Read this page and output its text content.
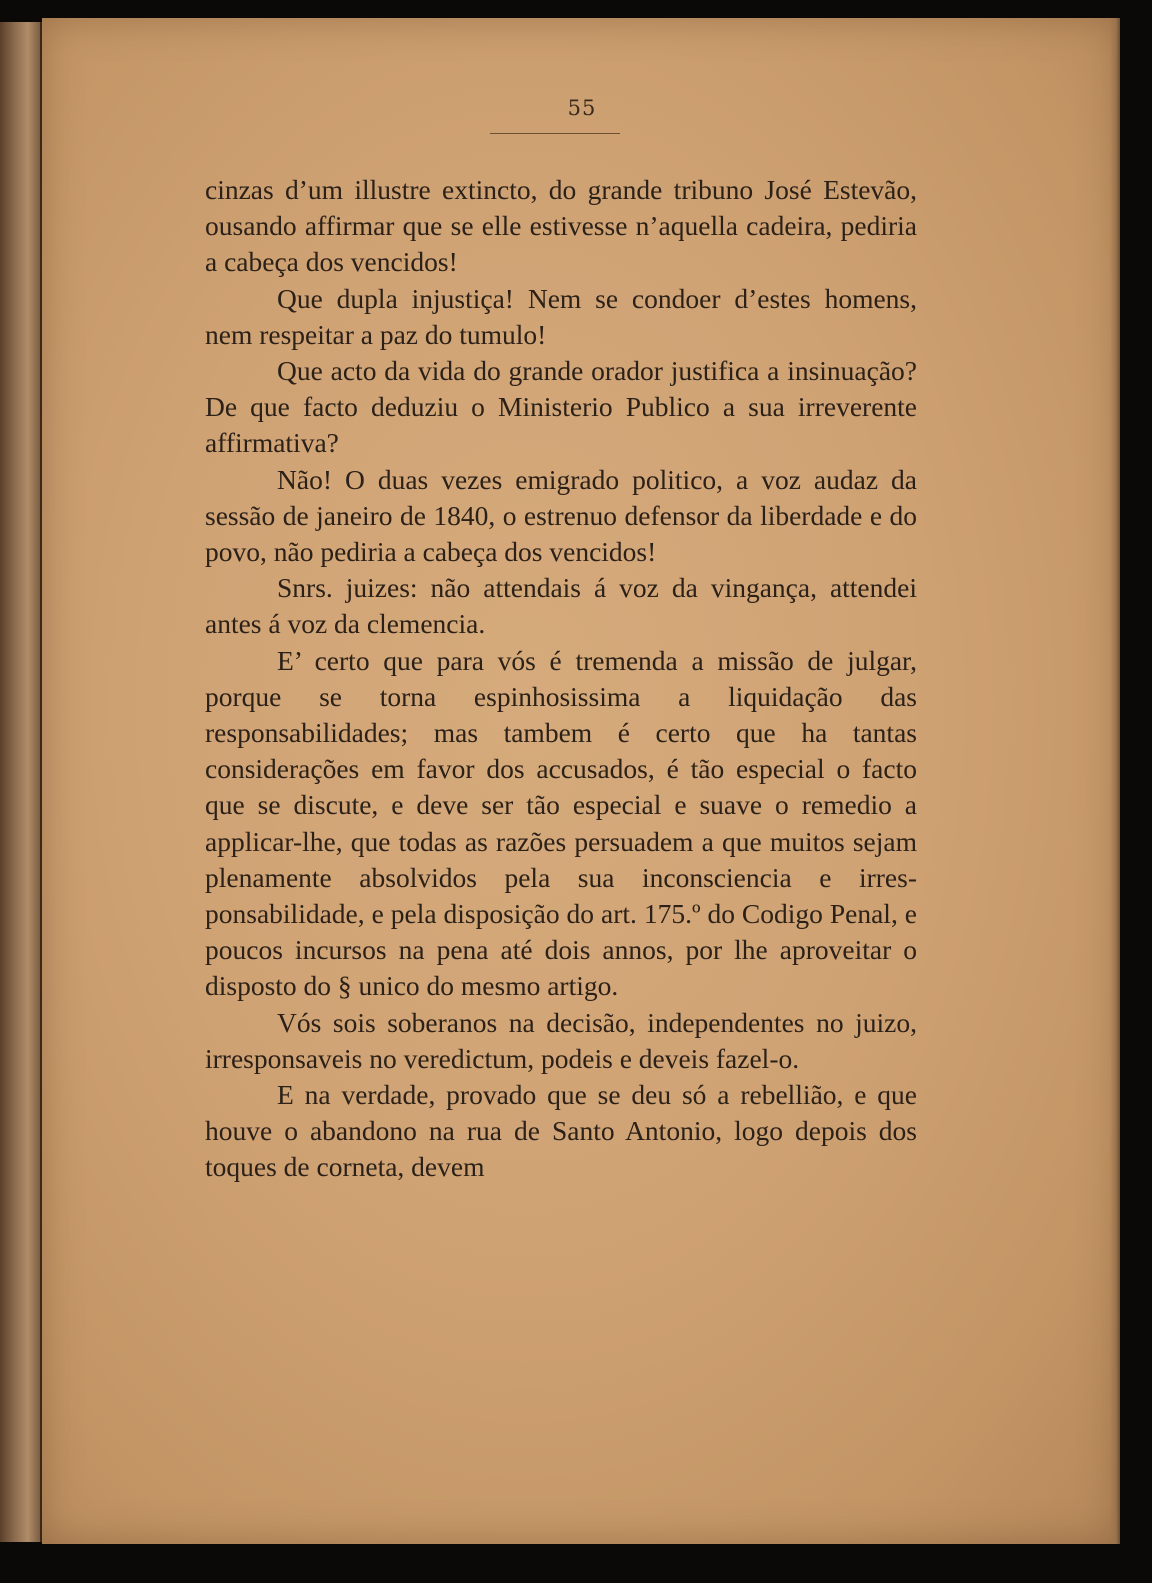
55

cinzas d’um illustre extincto, do grande tribuno José Estevão, ousando affirmar que se elle estivesse n’aquella cadeira, pediria a cabeça dos vencidos!

Que dupla injustiça! Nem se condoer d’estes homens, nem respeitar a paz do tumulo!

Que acto da vida do grande orador justifica a insinuação? De que facto deduziu o Ministerio Publico a sua irreverente affirmativa?

Não! O duas vezes emigrado politico, a voz audaz da sessão de janeiro de 1840, o estrenuo defensor da liberdade e do povo, não pediria a cabeça dos vencidos!

Snrs. juizes: não attendais á voz da vingança, attendei antes á voz da clemencia.

E’ certo que para vós é tremenda a missão de julgar, porque se torna espinhosissima a liquidação das responsabilidades; mas tambem é certo que ha tantas considerações em favor dos accusados, é tão especial o facto que se discute, e deve ser tão especial e suave o remedio a applicar-lhe, que todas as razões persuadem a que muitos sejam plenamente absolvidos pela sua inconsciencia e irresponsabilidade, e pela disposição do art. 175.º do Codigo Penal, e poucos incursos na pena até dois annos, por lhe aproveitar o disposto do § unico do mesmo artigo.

Vós sois soberanos na decisão, independentes no juizo, irresponsaveis no veredictum, podeis e deveis fazel-o.

E na verdade, provado que se deu só a rebellião, e que houve o abandono na rua de Santo Antonio, logo depois dos toques de corneta, devem
